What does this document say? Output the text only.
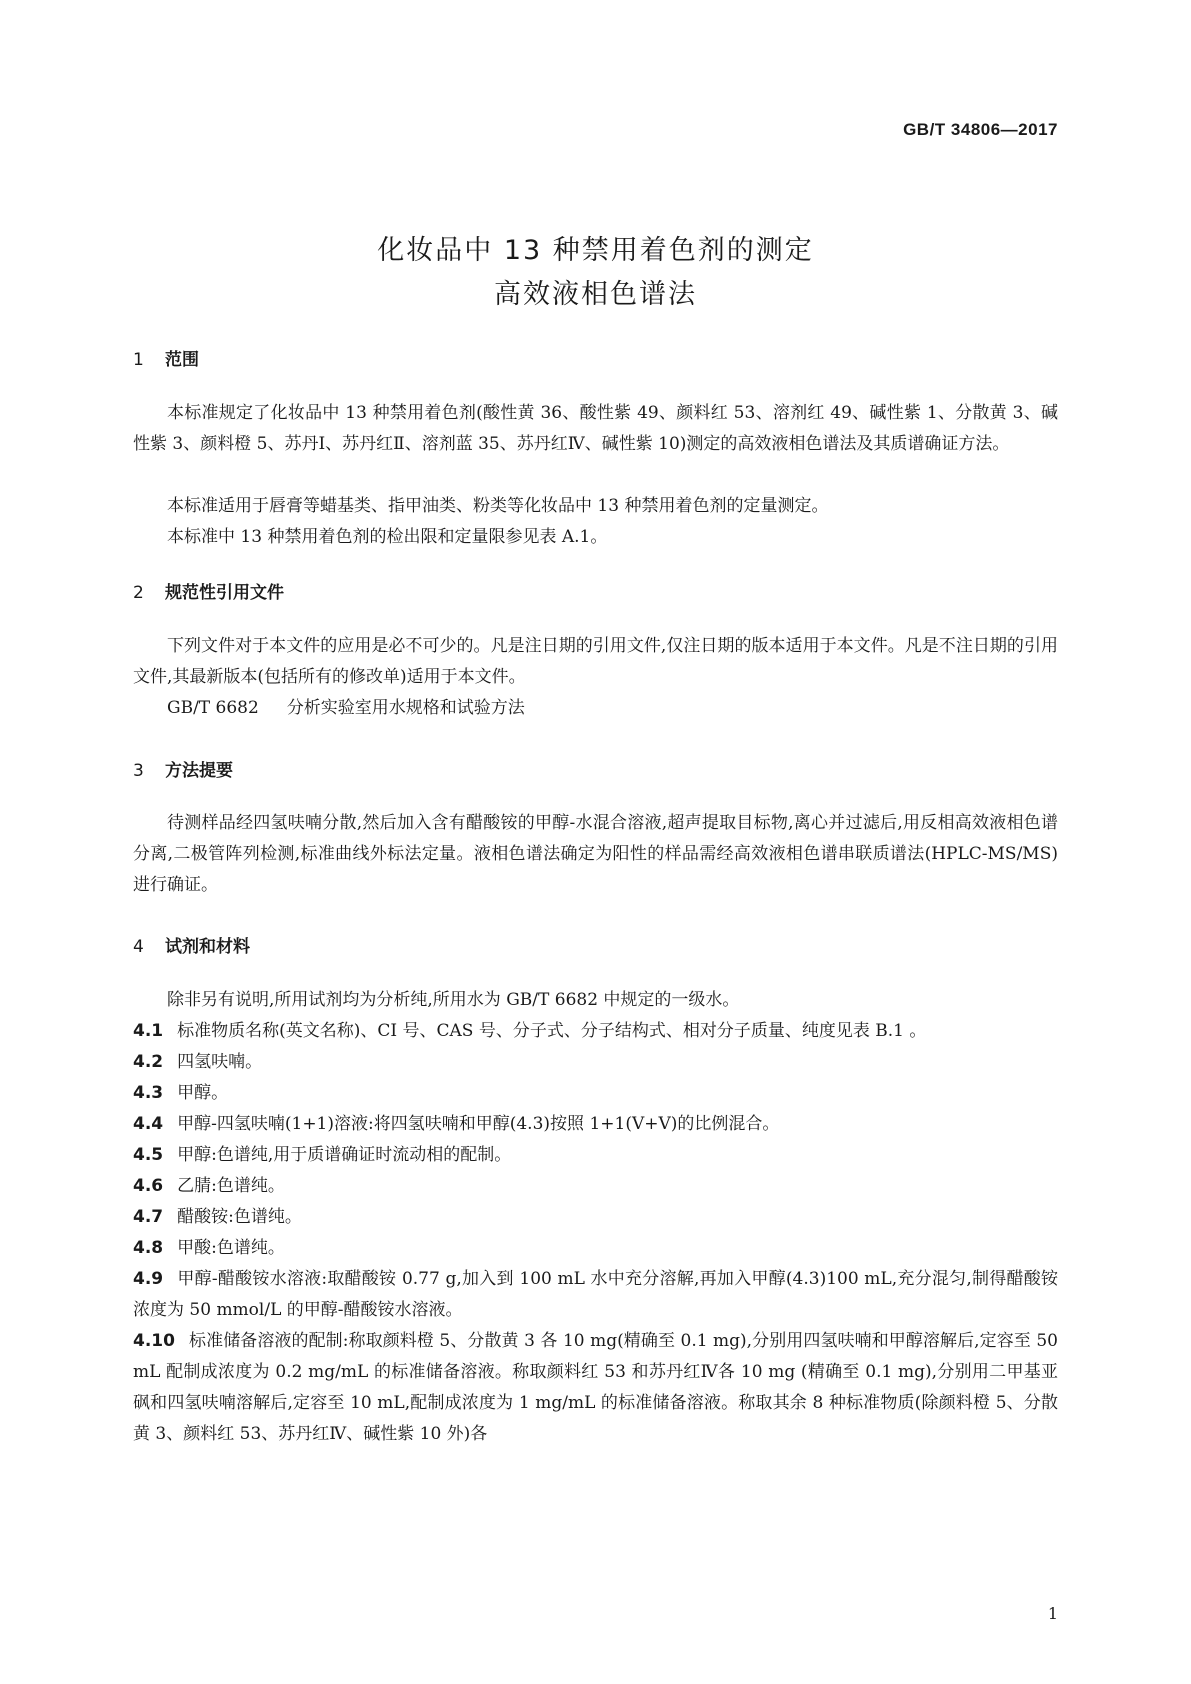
GB/T 34806—2017
化妆品中 13 种禁用着色剂的测定
高效液相色谱法
1 范围
本标准规定了化妆品中 13 种禁用着色剂(酸性黄 36、酸性紫 49、颜料红 53、溶剂红 49、碱性紫 1、分散黄 3、碱性紫 3、颜料橙 5、苏丹Ⅰ、苏丹红Ⅱ、溶剂蓝 35、苏丹红Ⅳ、碱性紫 10)测定的高效液相色谱法及其质谱确证方法。
本标准适用于唇膏等蜡基类、指甲油类、粉类等化妆品中 13 种禁用着色剂的定量测定。
本标准中 13 种禁用着色剂的检出限和定量限参见表 A.1。
2 规范性引用文件
下列文件对于本文件的应用是必不可少的。凡是注日期的引用文件,仅注日期的版本适用于本文件。凡是不注日期的引用文件,其最新版本(包括所有的修改单)适用于本文件。
GB/T 6682 分析实验室用水规格和试验方法
3 方法提要
待测样品经四氢呋喃分散,然后加入含有醋酸铵的甲醇-水混合溶液,超声提取目标物,离心并过滤后,用反相高效液相色谱分离,二极管阵列检测,标准曲线外标法定量。液相色谱法确定为阳性的样品需经高效液相色谱串联质谱法(HPLC-MS/MS)进行确证。
4 试剂和材料
除非另有说明,所用试剂均为分析纯,所用水为 GB/T 6682 中规定的一级水。
4.1 标准物质名称(英文名称)、CI 号、CAS 号、分子式、分子结构式、相对分子质量、纯度见表 B.1 。
4.2 四氢呋喃。
4.3 甲醇。
4.4 甲醇-四氢呋喃(1+1)溶液:将四氢呋喃和甲醇(4.3)按照 1+1(V+V)的比例混合。
4.5 甲醇:色谱纯,用于质谱确证时流动相的配制。
4.6 乙腈:色谱纯。
4.7 醋酸铵:色谱纯。
4.8 甲酸:色谱纯。
4.9 甲醇-醋酸铵水溶液:取醋酸铵 0.77 g,加入到 100 mL 水中充分溶解,再加入甲醇(4.3)100 mL,充分混匀,制得醋酸铵浓度为 50 mmol/L 的甲醇-醋酸铵水溶液。
4.10 标准储备溶液的配制:称取颜料橙 5、分散黄 3 各 10 mg(精确至 0.1 mg),分别用四氢呋喃和甲醇溶解后,定容至 50 mL 配制成浓度为 0.2 mg/mL 的标准储备溶液。称取颜料红 53 和苏丹红Ⅳ各 10 mg (精确至 0.1 mg),分别用二甲基亚砜和四氢呋喃溶解后,定容至 10 mL,配制成浓度为 1 mg/mL 的标准储备溶液。称取其余 8 种标准物质(除颜料橙 5、分散黄 3、颜料红 53、苏丹红Ⅳ、碱性紫 10 外)各
1
